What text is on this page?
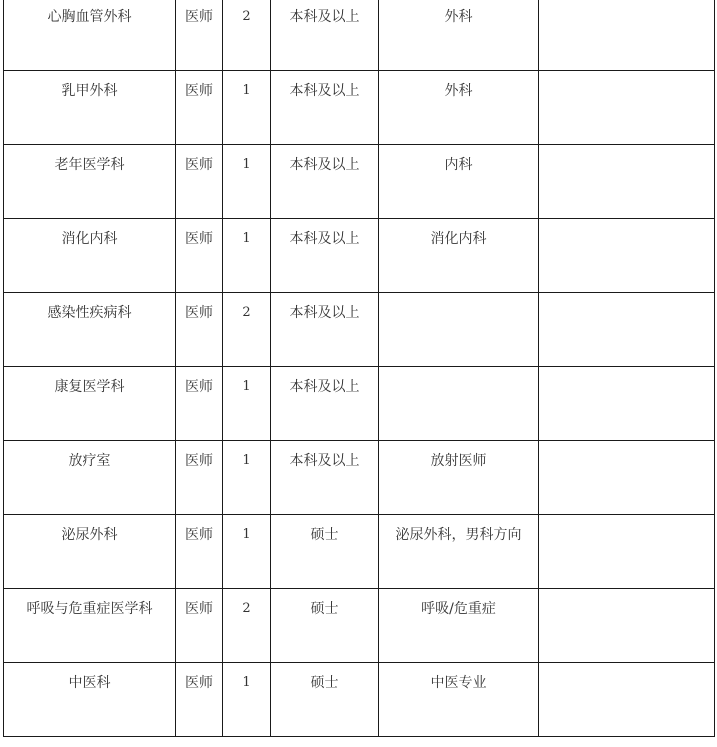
心胸血管外科	医师	2	本科及以上	外科	

乳甲外科	医师	1	本科及以上	外科	

老年医学科	医师	1	本科及以上	内科	

消化内科	医师	1	本科及以上	消化内科	

感染性疾病科	医师	2	本科及以上		

康复医学科	医师	1	本科及以上		

放疗室	医师	1	本科及以上	放射医师	

泌尿外科	医师	1	硕士	泌尿外科，男科方向	

呼吸与危重症医学科	医师	2	硕士	呼吸/危重症	

中医科	医师	1	硕士	中医专业	
